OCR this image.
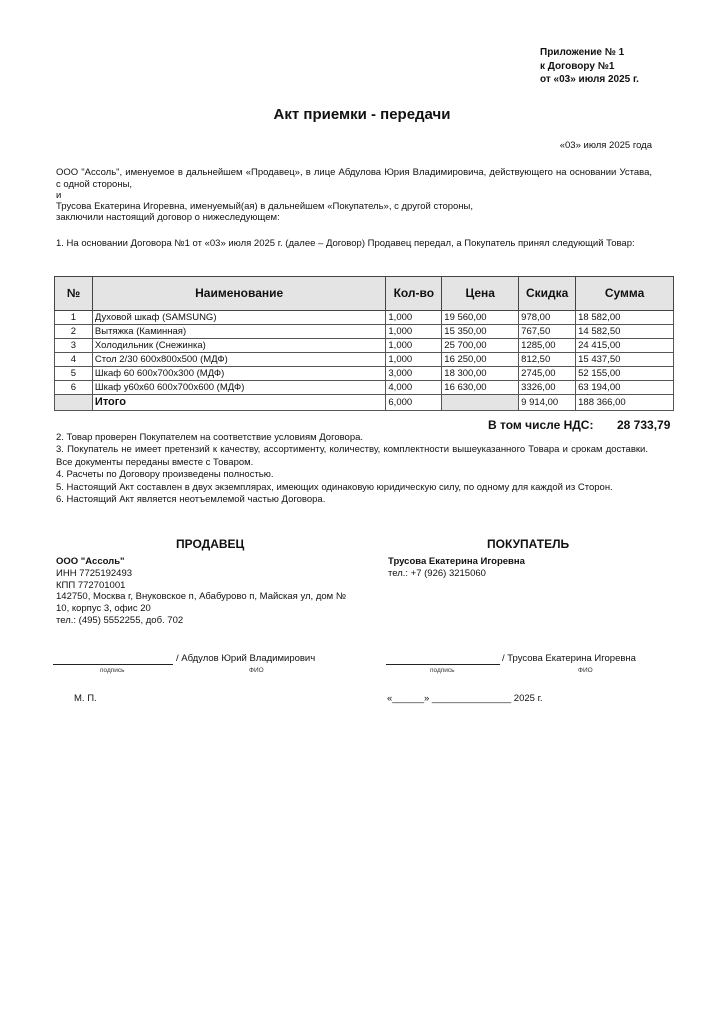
Приложение № 1
к Договору №1
от «03» июля 2025 г.
Акт приемки - передачи
«03» июля 2025 года
ООО "Ассоль", именуемое в дальнейшем «Продавец», в лице Абдулова Юрия Владимировича, действующего на основании Устава, с одной стороны,
и
Трусова Екатерина Игоревна, именуемый(ая) в дальнейшем «Покупатель», с другой стороны,
заключили настоящий договор о нижеследующем:
1. На основании Договора №1 от «03» июля 2025 г. (далее – Договор) Продавец передал, а Покупатель принял следующий Товар:
№	Наименование	Кол-во	Цена	Скидка	Сумма
1	Духовой шкаф (SAMSUNG)	1,000	19 560,00	978,00	18 582,00
2	Вытяжка (Каминная)	1,000	15 350,00	767,50	14 582,50
3	Холодильник (Снежинка)	1,000	25 700,00	1285,00	24 415,00
4	Стол 2/30 600х800х500 (МДФ)	1,000	16 250,00	812,50	15 437,50
5	Шкаф 60 600х700х300 (МДФ)	3,000	18 300,00	2745,00	52 155,00
6	Шкаф у60х60 600х700х600 (МДФ)	4,000	16 630,00	3326,00	63 194,00
	Итого	6,000		9 914,00	188 366,00
В том числе НДС: 28 733,79
2. Товар проверен Покупателем на соответствие условиям Договора.
3. Покупатель не имеет претензий к качеству, ассортименту, количеству, комплектности вышеуказанного Товара и срокам доставки. Все документы переданы вместе с Товаром.
4. Расчеты по Договору произведены полностью.
5. Настоящий Акт составлен в двух экземплярах, имеющих одинаковую юридическую силу, по одному для каждой из Сторон.
6. Настоящий Акт является неотъемлемой частью Договора.
ПРОДАВЕЦ	ПОКУПАТЕЛЬ
ООО "Ассоль"
ИНН 7725192493
КПП 772701001
142750, Москва г, Внуковское п, Абабурово п, Майская ул, дом № 10, корпус 3, офис 20
тел.: (495) 5552255, доб. 702
Трусова Екатерина Игоревна
тел.: +7 (926) 3215060
/ Абдулов Юрий Владимирович
подпись	ФИО
М. П.
/ Трусова Екатерина Игоревна
подпись	ФИО
«______» _______________ 2025 г.
